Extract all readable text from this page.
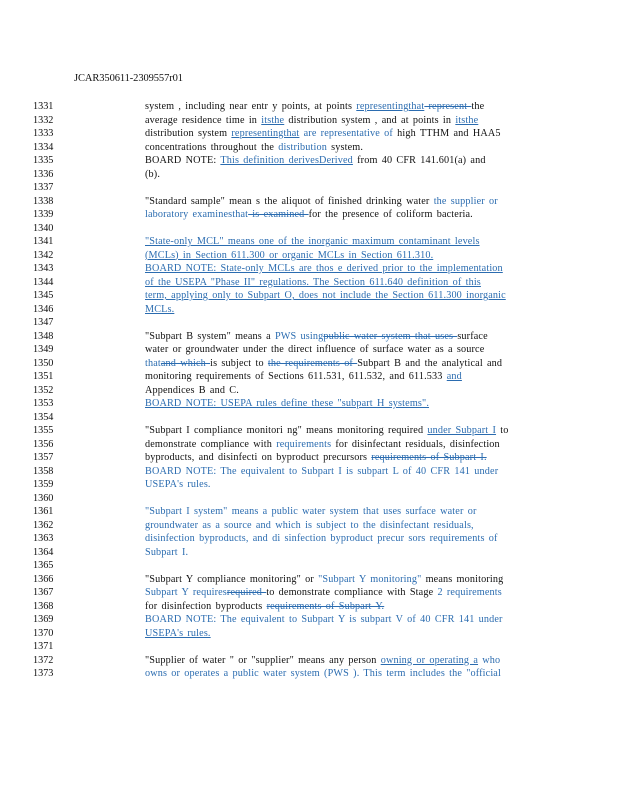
JCAR350611-2309557r01
1331	system , including near entr y points, at points representingthat represent the
1332	average residence time in itsthe distribution system , and at points in itsthe
1333	distribution system representingthat are representative of high TTHM and HAA5
1334	concentrations throughout the distribution system.
1335	BOARD NOTE: This definition derivesDerived from 40 CFR 141.601(a) and
1336	(b).
1337
1338	"Standard sample" mean s the aliquot of finished drinking water the supplier or
1339	laboratory examinesthat is examined for the presence of coliform bacteria.
1340
1341	"State-only MCL" means one of the inorganic maximum contaminant levels
1342	(MCLs) in Section 611.300 or organic MCLs in Section 611.310.
1343	BOARD NOTE: State-only MCLs are thos e derived prior to the implementation
1344	of the USEPA "Phase II" regulations. The Section 611.640 definition of this
1345	term, applying only to Subpart O, does not include the Section 611.300 inorganic
1346	MCLs.
1347
1348	"Subpart B system" means a PWS usingpublic water system that uses surface
1349	water or groundwater under the direct influence of surface water as a source
1350	thatand which is subject to the requirements of Subpart B and the analytical and
1351	monitoring requirements of Sections 611.531, 611.532, and 611.533 and
1352	Appendices B and C.
1353	BOARD NOTE: USEPA rules define these "subpart H systems".
1354
1355	"Subpart I compliance monitori ng" means monitoring required under Subpart I to
1356	demonstrate compliance with requirements for disinfectant residuals, disinfection
1357	byproducts, and disinfecti on byproduct precursors requirements of Subpart I.
1358	BOARD NOTE: The equivalent to Subpart I is subpart L of 40 CFR 141 under
1359	USEPA's rules.
1360
1361	"Subpart I system" means a public water system that uses surface water or
1362	groundwater as a source and which is subject to the disinfectant residuals,
1363	disinfection byproducts, and di sinfection byproduct precur sors requirements of
1364	Subpart I.
1365
1366	"Subpart Y compliance monitoring" or "Subpart Y monitoring" means monitoring
1367	Subpart Y requiresrequired to demonstrate compliance with Stage 2 requirements
1368	for disinfection byproducts requirements of Subpart Y.
1369	BOARD NOTE: The equivalent to Subpart Y is subpart V of 40 CFR 141 under
1370	USEPA's rules.
1371
1372	"Supplier of water " or "supplier" means any person owning or operating a who
1373	owns or operates a public water system (PWS ). This term includes the "official
